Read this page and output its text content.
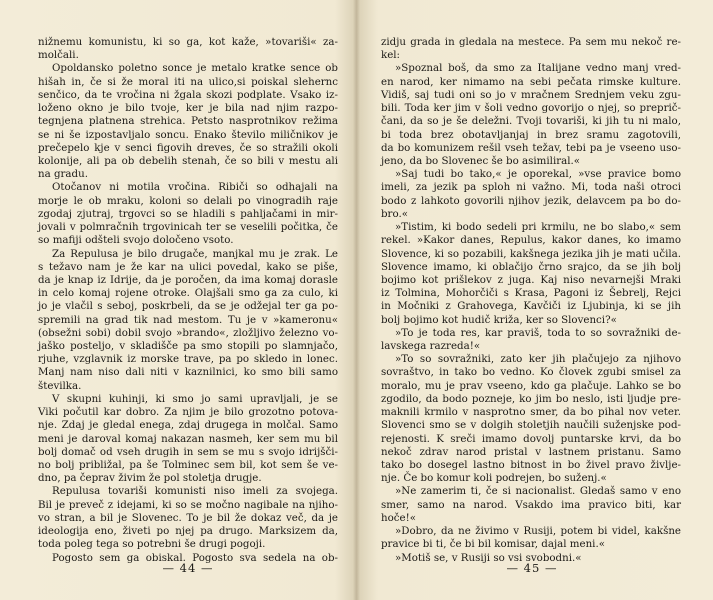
nižnemu komunistu, ki so ga, kot kaže, »tovariši« za-
molčali.
Opoldansko poletno sonce je metalo kratke sence ob
hišah in, če si že moral iti na ulico,si poiskal slehernc
senčico, da te vročina ni žgala skozi podplate. Vsako iz-
loženo okno je bilo tvoje, ker je bila nad njim razpo-
tegnjena platnena strehica. Petsto nasprotnikov režima
se ni še izpostavljalo soncu. Enako število miličnikov je
prečepelo kje v senci figovih dreves, če so stražili okoli
kolonije, ali pa ob debelih stenah, če so bili v mestu ali
na gradu.
Otočanov ni motila vročina. Ribiči so odhajali na
morje le ob mraku, koloni so delali po vinogradih raje
zgodaj zjutraj, trgovci so se hladili s pahljačami in mir-
jovali v polmračnih trgovinicah ter se veselili počitka, če
so mafiji odšteli svojo določeno vsoto.
Za Repulusa je bilo drugače, manjkal mu je zrak. Le
s težavo nam je že kar na ulici povedal, kako se piše,
da je knap iz Idrije, da je poročen, da ima komaj dorasle
in celo komaj rojene otroke. Olajšali smo ga za culo, ki
jo je vlačil s seboj, poskrbeli, da se je odžejal ter ga po-
spremili na grad tik nad mestom. Tu je v »kameronu«
(obsežni sobi) dobil svojo »brando«, zložljivo železno vo-
jaško posteljo, v skladišče pa smo stopili po slamnjačo,
rjuhe, vzglavnik iz morske trave, pa po skledo in lonec.
Manj nam niso dali niti v kaznilnici, ko smo bili samo
številka.
V skupni kuhinji, ki smo jo sami upravljali, je se
Viki počutil kar dobro. Za njim je bilo grozotno potova-
nje. Zdaj je gledal enega, zdaj drugega in molčal. Samo
meni je daroval komaj nakazan nasmeh, ker sem mu bil
bolj domač od vseh drugih in sem se mu s svojo idrijšči-
no bolj približal, pa še Tolminec sem bil, kot sem še ve-
dno, pa čeprav živim že pol stoletja drugje.
Repulusa tovariši komunisti niso imeli za svojega.
Bil je preveč z idejami, ki so se močno nagibale na njiho-
vo stran, a bil je Slovenec. To je bil že dokaz več, da je
ideologija eno, živeti po njej pa drugo. Marksizem da,
toda poleg tega so potrebni še drugi pogoji.
Pogosto sem ga obiskal. Pogosto sva sedela na ob-
— 44 —
zidju grada in gledala na mestece. Pa sem mu nekoč re-
kel:
»Spoznal boš, da smo za Italijane vedno manj vred-
en narod, ker nimamo na sebi pečata rimske kulture.
Vidiš, saj tudi oni so jo v mračnem Srednjem veku zgu-
bili. Toda ker jim v šoli vedno govorijo o njej, so preprič-
čani, da so je še deležni. Tvoji tovariši, ki jih tu ni malo,
bi toda brez obotavljanjaj in brez sramu zagotovili,
da bo komunizem rešil vseh težav, tebi pa je vseeno uso-
jeno, da bo Slovenec še bo asimiliral.«
»Saj tudi bo tako,« je oporekal, »vse pravice bomo
imeli, za jezik pa sploh ni važno. Mi, toda naši otroci
bodo z lahkoto govorili njihov jezik, delavcem pa bo do-
bro.«
»Tistim, ki bodo sedeli pri krmilu, ne bo slabo,« sem
rekel. »Kakor danes, Repulus, kakor danes, ko imamo
Slovence, ki so pozabili, kakšnega jezika jih je mati učila.
Slovence imamo, ki oblačijo črno srajco, da se jih bolj
bojimo kot prišlekov z juga. Kaj niso nevarnejši Mraki
iz Tolmina, Mohorčiči s Krasa, Pagoni iz Šebrelj, Rejci
in Močniki z Grahovega, Kavčiči iz Ljubinja, ki se jih
bolj bojimo kot hudič križa, ker so Slovenci?«
»To je toda res, kar praviš, toda to so sovražniki de-
lavskega razreda!«
»To so sovražniki, zato ker jih plačujejo za njihovo
sovraštvo, in tako bo vedno. Ko človek zgubi smisel za
moralo, mu je prav vseeno, kdo ga plačuje. Lahko se bo
zgodilo, da bodo pozneje, ko jim bo neslo, isti ljudje pre-
maknili krmilo v nasprotno smer, da bo pihal nov veter.
Slovenci smo se v dolgih stoletjih naučili suženjske pod-
rejenosti. K sreči imamo dovolj puntarske krvi, da bo
nekoč zdrav narod pristal v lastnem pristanu. Samo
tako bo dosegel lastno bitnost in bo živel pravo življe-
nje. Če bo komur koli podrejen, bo suženj.«
»Ne zamerim ti, če si nacionalist. Gledaš samo v eno
smer, samo na narod. Vsakdo ima pravico biti, kar
hoče!«
»Dobro, da ne živimo v Rusiji, potem bi videl, kakšne
pravice bi ti, če bi bil komisar, dajal meni.«
»Motiš se, v Rusiji so vsi svobodni.«
— 45 —
